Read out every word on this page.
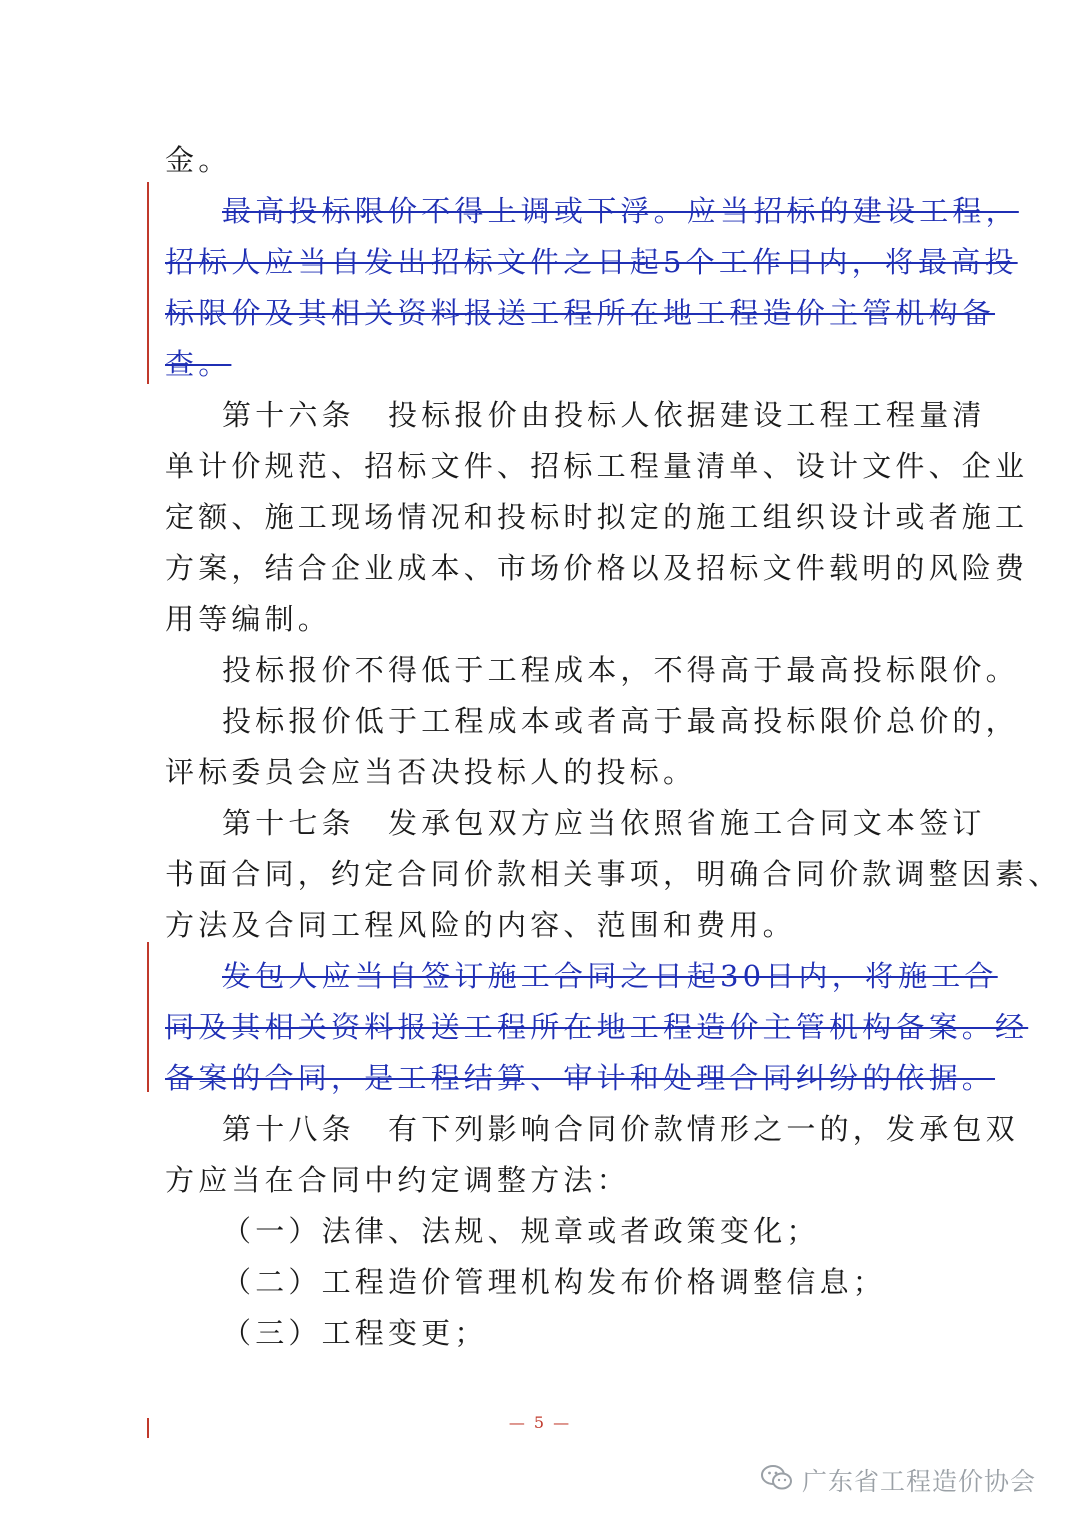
金。
最高投标限价不得上调或下浮。应当招标的建设工程，
招标人应当自发出招标文件之日起5个工作日内，将最高投
标限价及其相关资料报送工程所在地工程造价主管机构备
查。
第十六条　投标报价由投标人依据建设工程工程量清
单计价规范、招标文件、招标工程量清单、设计文件、企业
定额、施工现场情况和投标时拟定的施工组织设计或者施工
方案，结合企业成本、市场价格以及招标文件载明的风险费
用等编制。
投标报价不得低于工程成本，不得高于最高投标限价。
投标报价低于工程成本或者高于最高投标限价总价的，
评标委员会应当否决投标人的投标。
第十七条　发承包双方应当依照省施工合同文本签订
书面合同，约定合同价款相关事项，明确合同价款调整因素、
方法及合同工程风险的内容、范围和费用。
发包人应当自签订施工合同之日起30日内，将施工合
同及其相关资料报送工程所在地工程造价主管机构备案。经
备案的合同，是工程结算、审计和处理合同纠纷的依据。
第十八条　有下列影响合同价款情形之一的，发承包双
方应当在合同中约定调整方法：
（一）法律、法规、规章或者政策变化；
（二）工程造价管理机构发布价格调整信息；
（三）工程变更；
— 5 —
广东省工程造价协会
